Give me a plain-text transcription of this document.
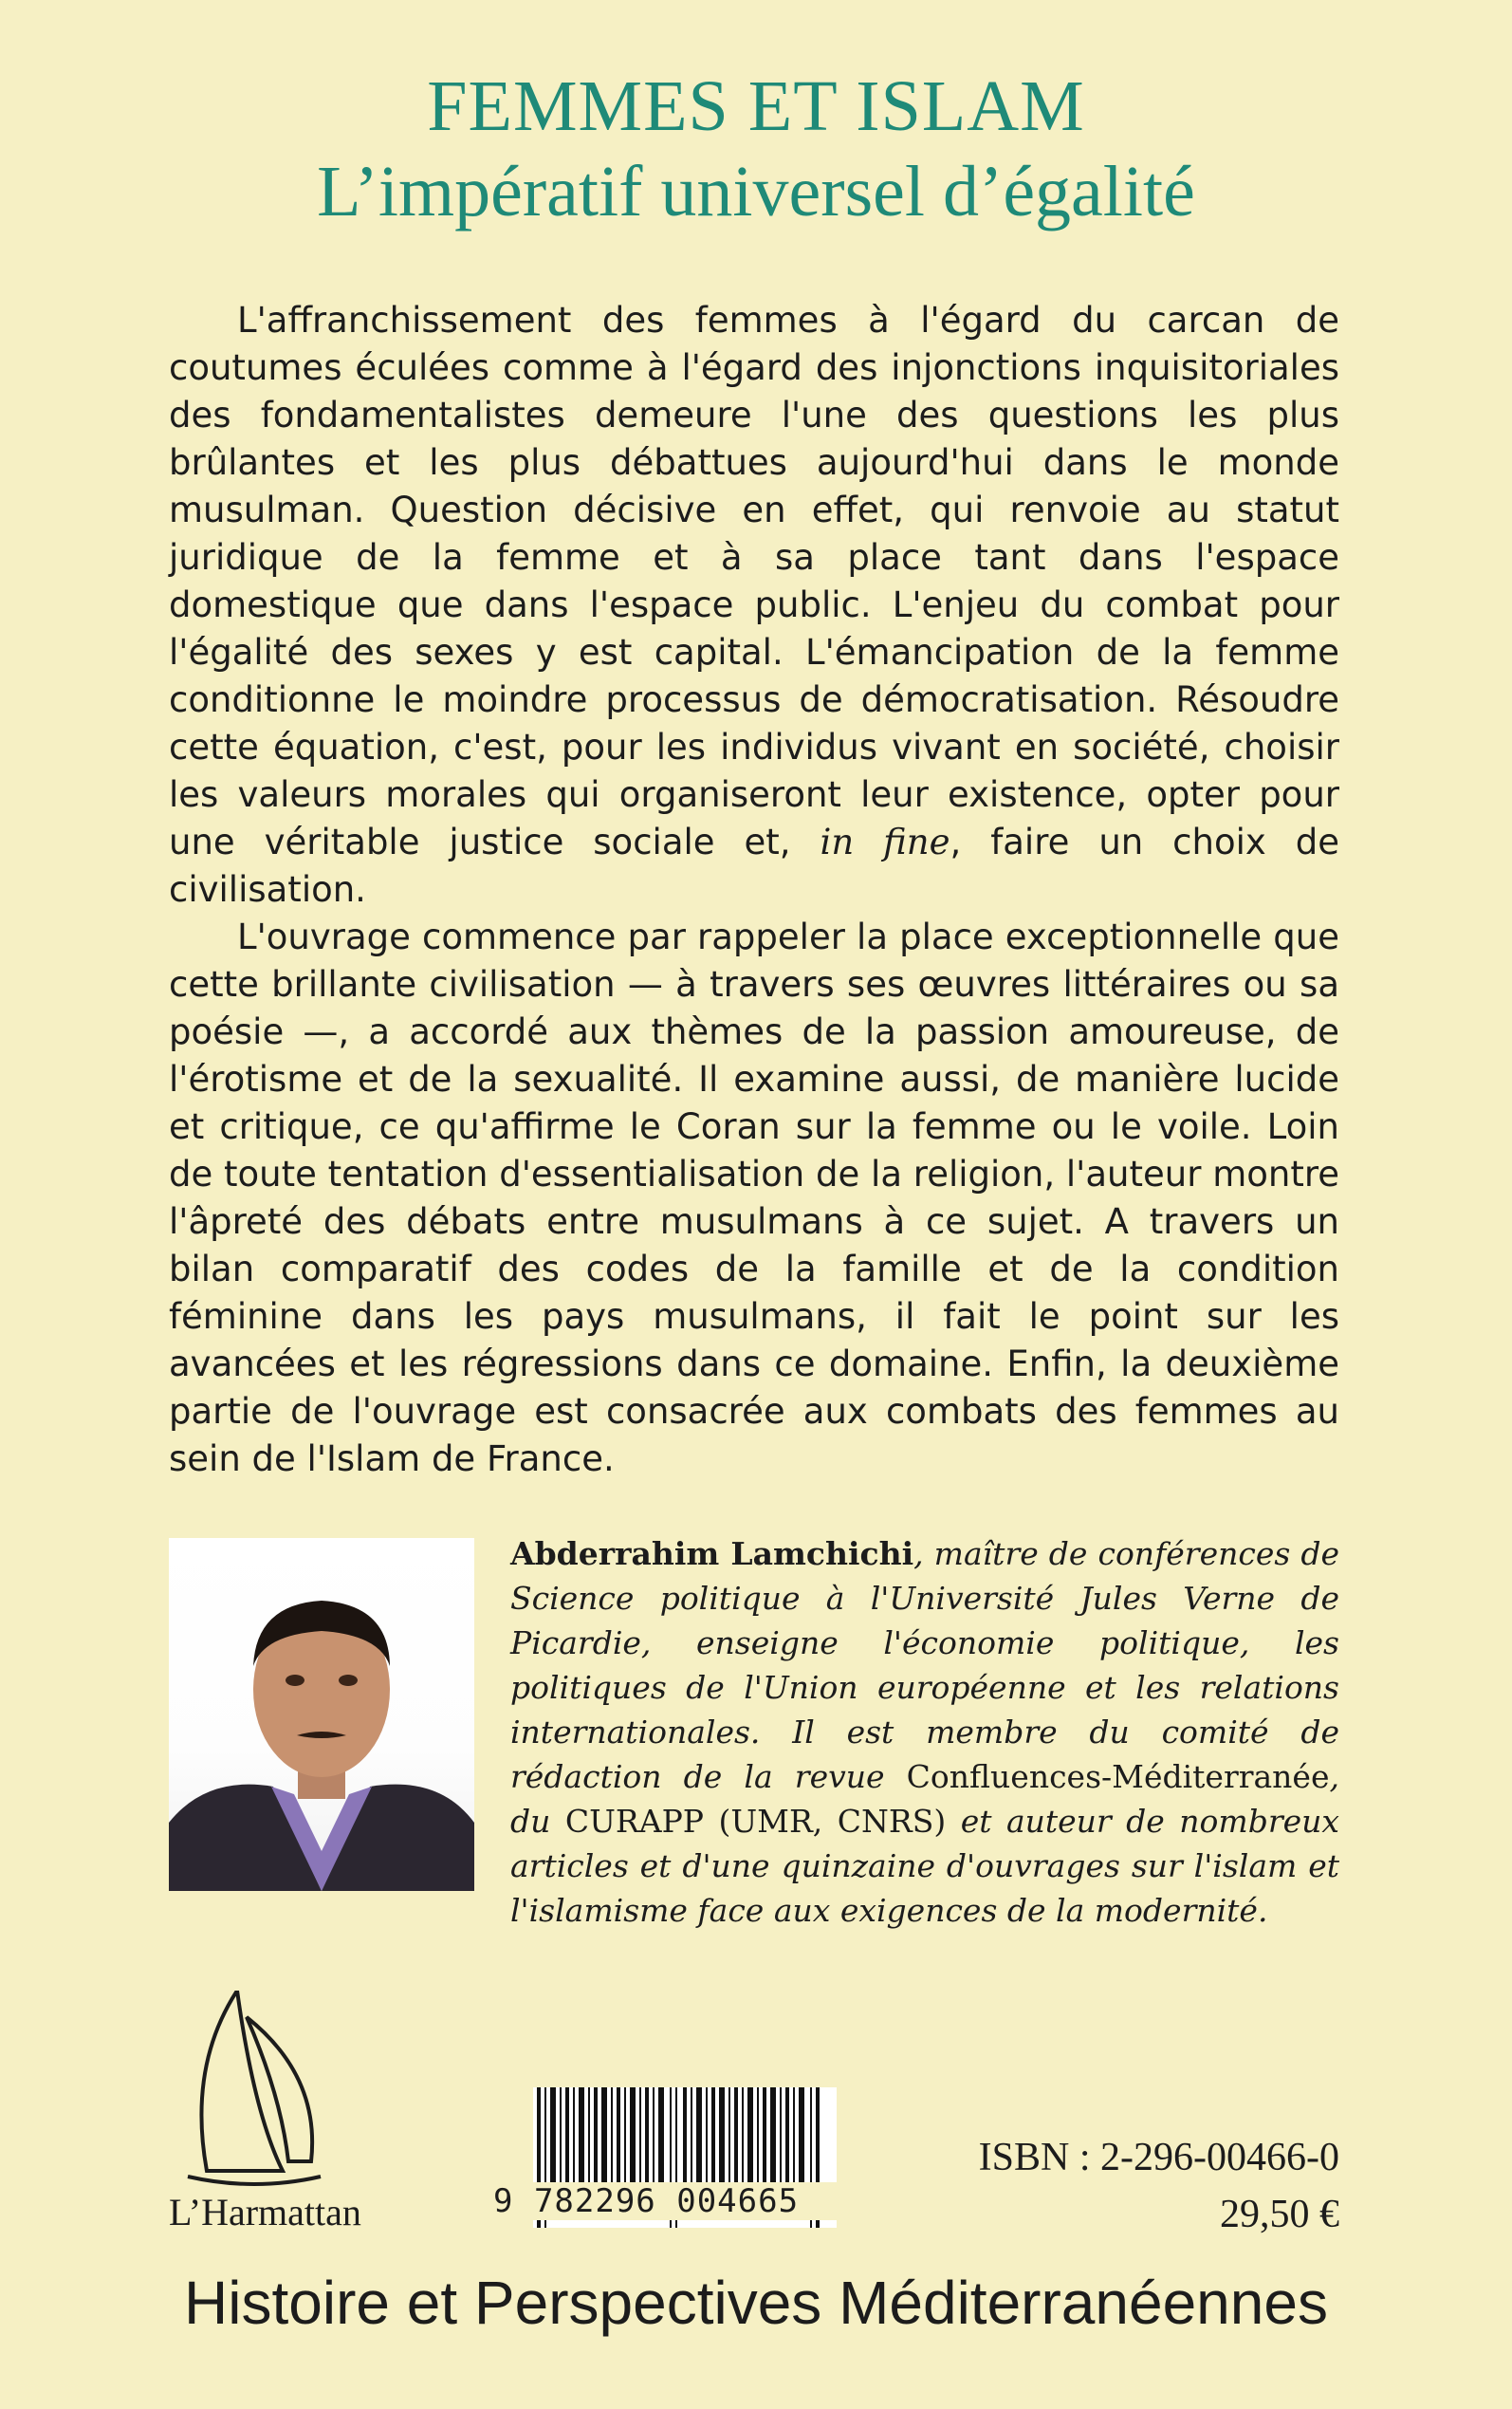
FEMMES ET ISLAM
L’impératif universel d’égalité

L'affranchissement des femmes à l'égard du carcan de coutumes éculées comme à l'égard des injonctions inquisitoriales des fondamentalistes demeure l'une des questions les plus brûlantes et les plus débattues aujourd'hui dans le monde musulman. Question décisive en effet, qui renvoie au statut juridique de la femme et à sa place tant dans l'espace domestique que dans l'espace public. L'enjeu du combat pour l'égalité des sexes y est capital. L'émancipation de la femme conditionne le moindre processus de démocratisation. Résoudre cette équation, c'est, pour les individus vivant en société, choisir les valeurs morales qui organiseront leur existence, opter pour une véritable justice sociale et, in fine, faire un choix de civilisation.

L'ouvrage commence par rappeler la place exceptionnelle que cette brillante civilisation — à travers ses œuvres littéraires ou sa poésie —, a accordé aux thèmes de la passion amoureuse, de l'érotisme et de la sexualité. Il examine aussi, de manière lucide et critique, ce qu'affirme le Coran sur la femme ou le voile. Loin de toute tentation d'essentialisation de la religion, l'auteur montre l'âpreté des débats entre musulmans à ce sujet. A travers un bilan comparatif des codes de la famille et de la condition féminine dans les pays musulmans, il fait le point sur les avancées et les régressions dans ce domaine. Enfin, la deuxième partie de l'ouvrage est consacrée aux combats des femmes au sein de l'Islam de France.

Abderrahim Lamchichi, maître de conférences de Science politique à l'Université Jules Verne de Picardie, enseigne l'économie politique, les politiques de l'Union européenne et les relations internationales. Il est membre du comité de rédaction de la revue Confluences-Méditerranée, du CURAPP (UMR, CNRS) et auteur de nombreux articles et d'une quinzaine d'ouvrages sur l'islam et l'islamisme face aux exigences de la modernité.
L’Harmattan	9 782296 004665
ISBN : 2-296-00466-0
29,50 €
Histoire et Perspectives Méditerranéennes
